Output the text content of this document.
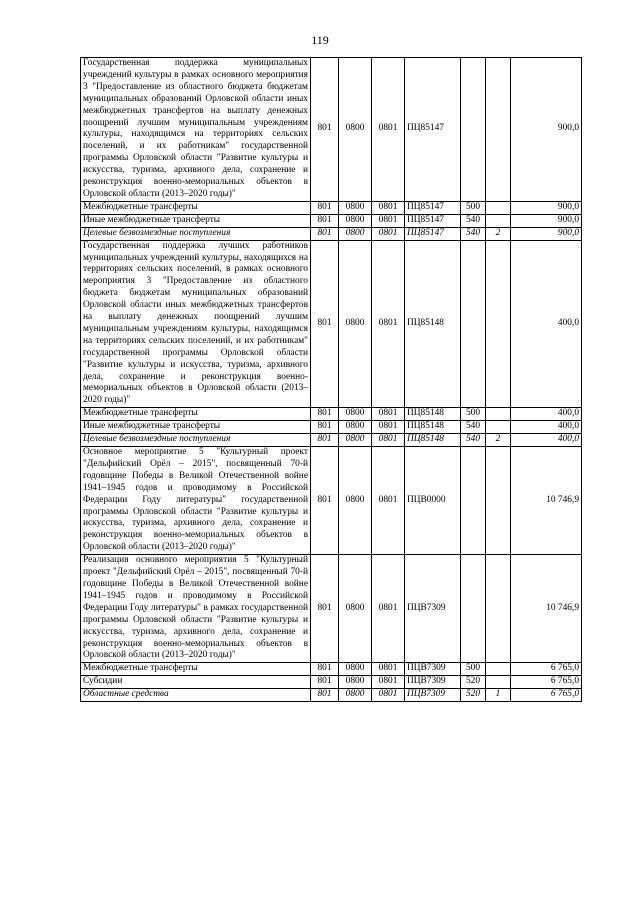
119
Государственная поддержка муниципальных учреждений культуры в рамках основного мероприятия 3 "Предоставление из областного бюджета бюджетам муниципальных образований Орловской области иных межбюджетных трансфертов на выплату денежных поощрений лучшим муниципальным учреждениям культуры, находящимся на территориях сельских поселений, и их работникам" государственной программы Орловской области "Развитие культуры и искусства, туризма, архивного дела, сохранение и реконструкция военно-мемориальных объектов в Орловской области (2013–2020 годы)"	801	0800	0801	ПЦ85147			900,0
Межбюджетные трансферты	801	0800	0801	ПЦ85147	500		900,0
Иные межбюджетные трансферты	801	0800	0801	ПЦ85147	540		900,0
Целевые безвозмездные поступления	801	0800	0801	ПЦ85147	540	2	900,0
Государственная поддержка лучших работников муниципальных учреждений культуры, находящихся на территориях сельских поселений, в рамках основного мероприятия 3 "Предоставление из областного бюджета бюджетам муниципальных образований Орловской области иных межбюджетных трансфертов на выплату денежных поощрений лучшим муниципальным учреждениям культуры, находящимся на территориях сельских поселений, и их работникам" государственной программы Орловской области "Развитие культуры и искусства, туризма, архивного дела, сохранение и реконструкция военно-мемориальных объектов в Орловской области (2013–2020 годы)"	801	0800	0801	ПЦ85148			400,0
Межбюджетные трансферты	801	0800	0801	ПЦ85148	500		400,0
Иные межбюджетные трансферты	801	0800	0801	ПЦ85148	540		400,0
Целевые безвозмездные поступления	801	0800	0801	ПЦ85148	540	2	400,0
Основное мероприятие 5 "Культурный проект "Дельфийский Орёл – 2015", посвященный 70-й годовщине Победы в Великой Отечественной войне 1941–1945 годов и проводимому в Российской Федерации Году литературы" государственной программы Орловской области "Развитие культуры и искусства, туризма, архивного дела, сохранение и реконструкция военно-мемориальных объектов в Орловской области (2013–2020 годы)"	801	0800	0801	ПЦВ0000			10 746,9
Реализация основного мероприятия 5 "Культурный проект "Дельфийский Орёл – 2015", посвященный 70-й годовщине Победы в Великой Отечественной войне 1941–1945 годов и проводимому в Российской Федерации Году литературы" в рамках государственной программы Орловской области "Развитие культуры и искусства, туризма, архивного дела, сохранение и реконструкция военно-мемориальных объектов в Орловской области (2013–2020 годы)"	801	0800	0801	ПЦВ7309			10 746,9
Межбюджетные трансферты	801	0800	0801	ПЦВ7309	500		6 765,0
Субсидии	801	0800	0801	ПЦВ7309	520		6 765,0
Областные средства	801	0800	0801	ПЦВ7309	520	1	6 765,0
